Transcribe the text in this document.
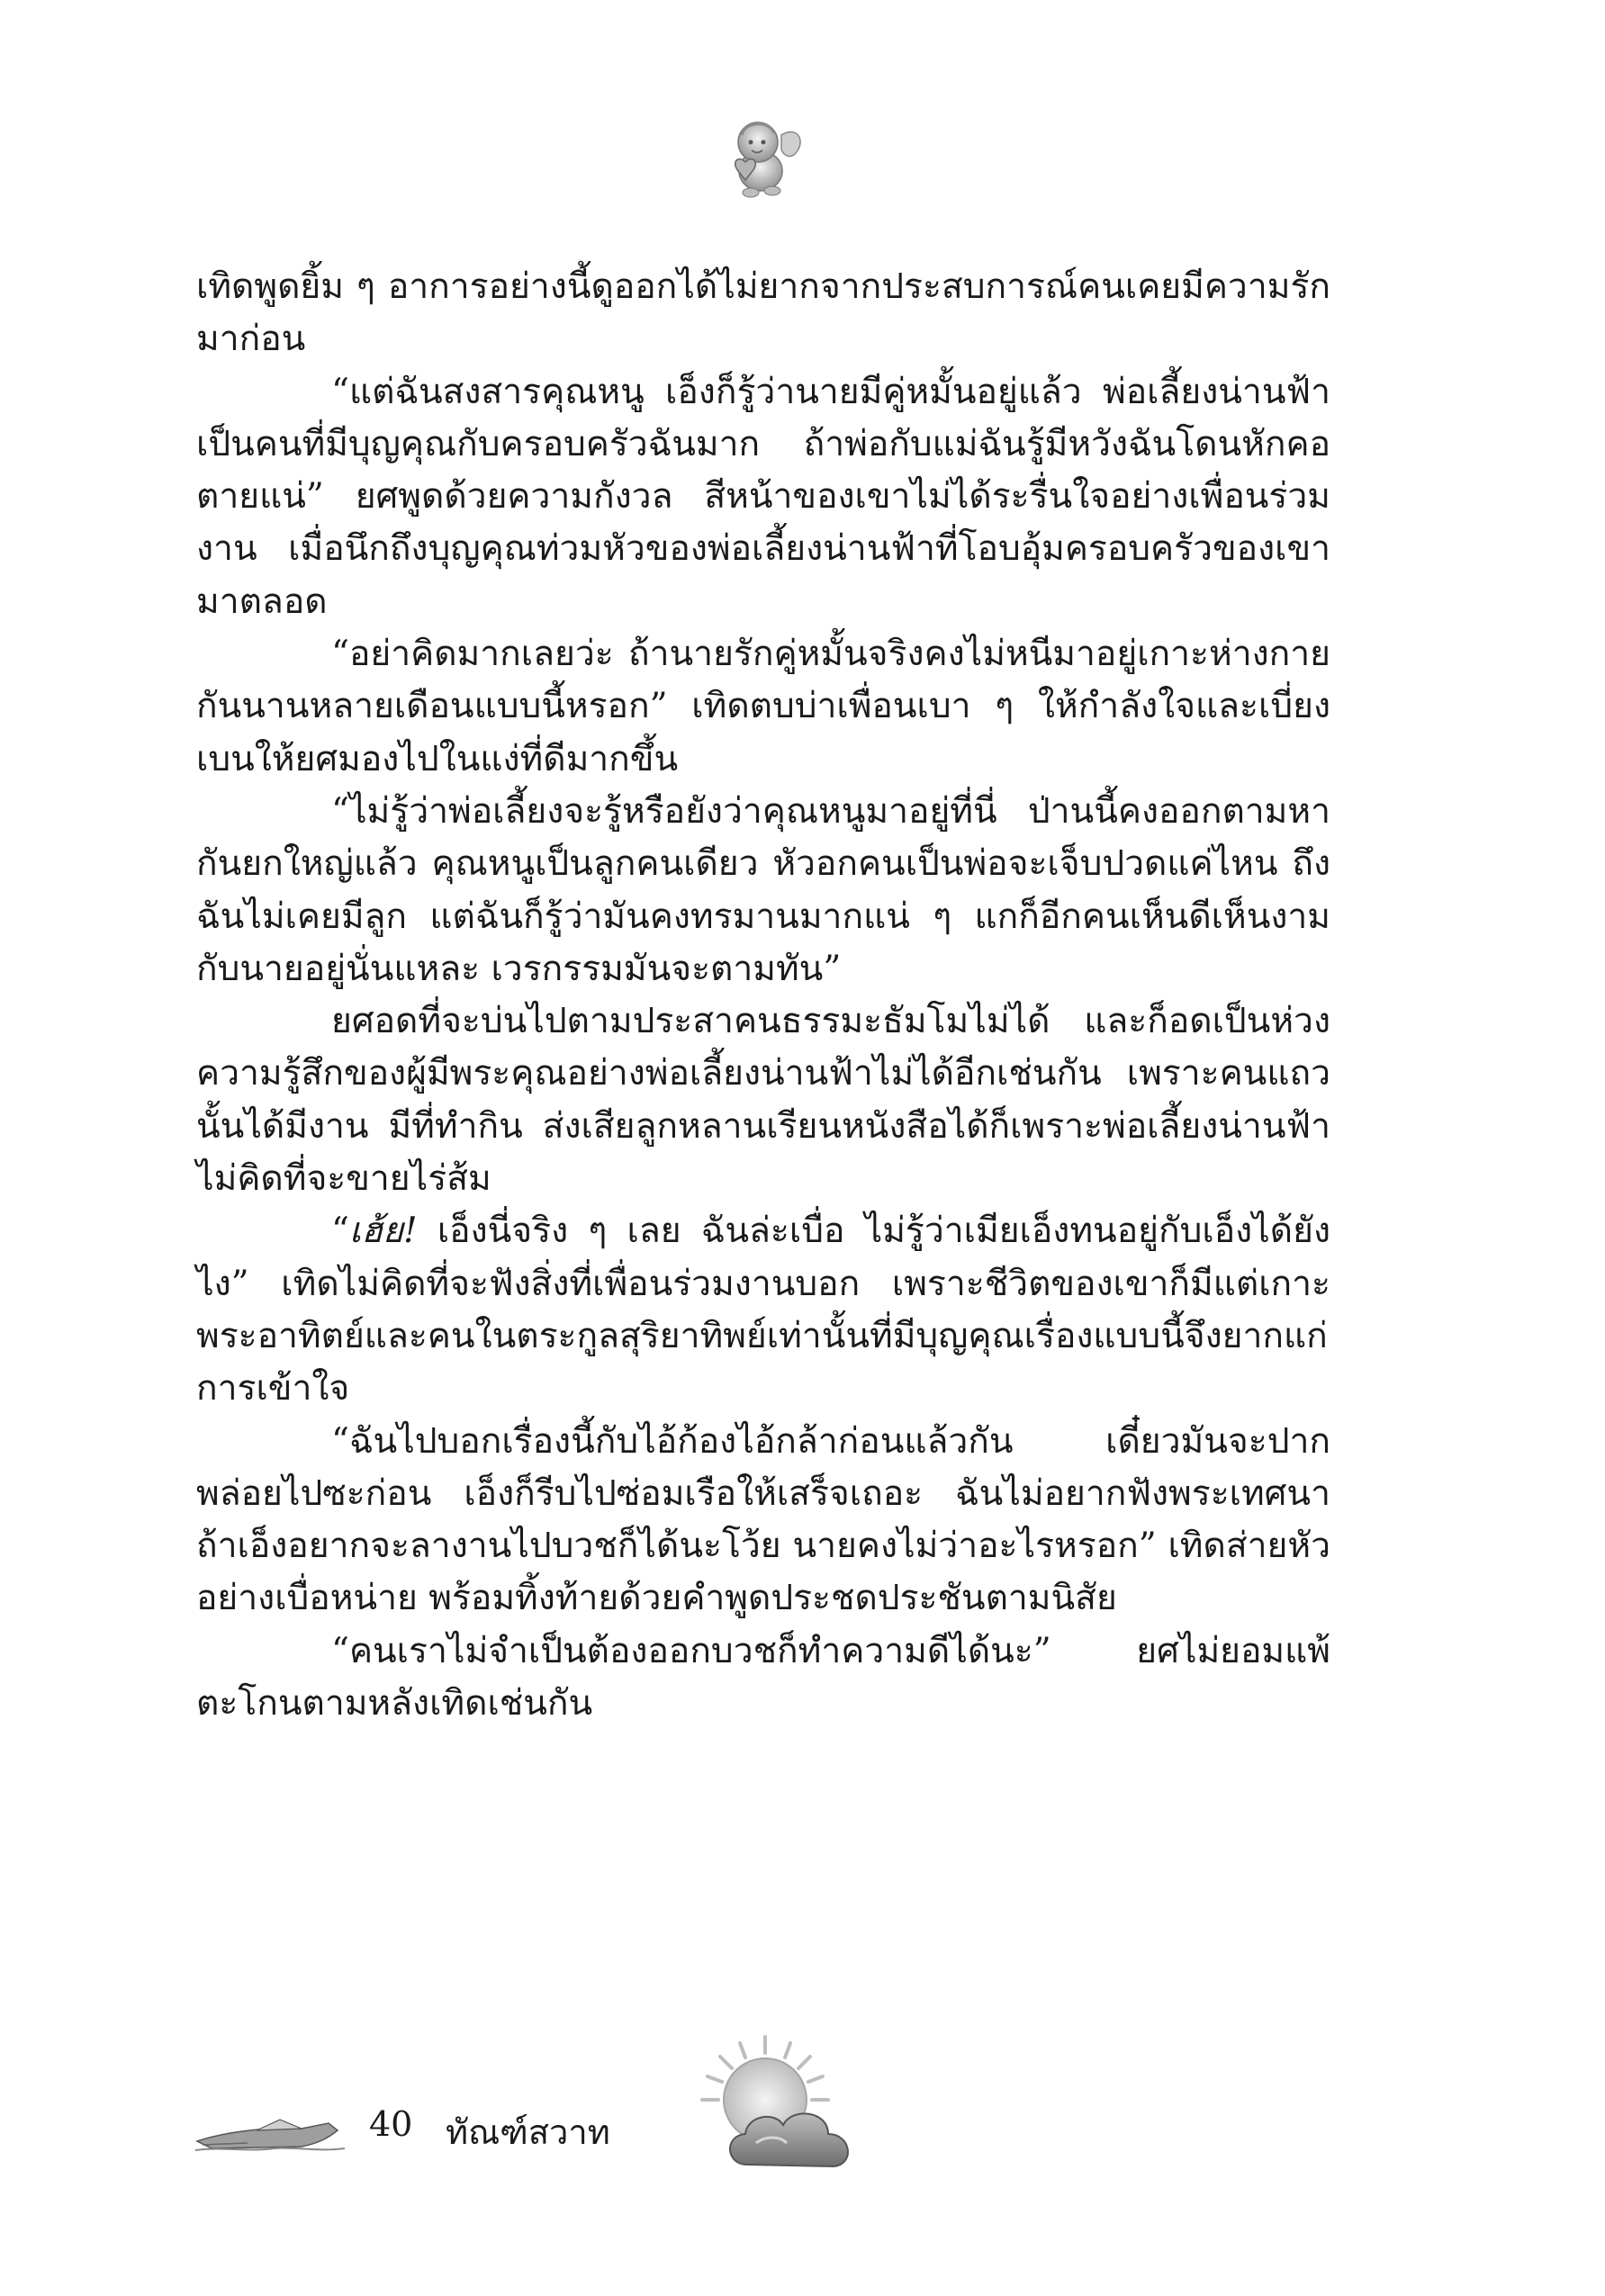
เทิดพูดยิ้ม ๆ อาการอย่างนี้ดูออกได้ไม่ยากจากประสบการณ์คนเคยมีความรักมาก่อน

“แต่ฉันสงสารคุณหนู เอ็งก็รู้ว่านายมีคู่หมั้นอยู่แล้ว พ่อเลี้ยงน่านฟ้าเป็นคนที่มีบุญคุณกับครอบครัวฉันมาก ถ้าพ่อกับแม่ฉันรู้มีหวังฉันโดนหักคอตายแน่” ยศพูดด้วยความกังวล สีหน้าของเขาไม่ได้ระรื่นใจอย่างเพื่อนร่วมงาน เมื่อนึกถึงบุญคุณท่วมหัวของพ่อเลี้ยงน่านฟ้าที่โอบอุ้มครอบครัวของเขามาตลอด

“อย่าคิดมากเลยว่ะ ถ้านายรักคู่หมั้นจริงคงไม่หนีมาอยู่เกาะห่างกายกันนานหลายเดือนแบบนี้หรอก” เทิดตบบ่าเพื่อนเบา ๆ ให้กำลังใจและเบี่ยงเบนให้ยศมองไปในแง่ที่ดีมากขึ้น

“ไม่รู้ว่าพ่อเลี้ยงจะรู้หรือยังว่าคุณหนูมาอยู่ที่นี่ ป่านนี้คงออกตามหากันยกใหญ่แล้ว คุณหนูเป็นลูกคนเดียว หัวอกคนเป็นพ่อจะเจ็บปวดแค่ไหน ถึงฉันไม่เคยมีลูก แต่ฉันก็รู้ว่ามันคงทรมานมากแน่ ๆ แกก็อีกคนเห็นดีเห็นงามกับนายอยู่นั่นแหละ เวรกรรมมันจะตามทัน”

ยศอดที่จะบ่นไปตามประสาคนธรรมะธัมโมไม่ได้ และก็อดเป็นห่วงความรู้สึกของผู้มีพระคุณอย่างพ่อเลี้ยงน่านฟ้าไม่ได้อีกเช่นกัน เพราะคนแถวนั้นได้มีงาน มีที่ทำกิน ส่งเสียลูกหลานเรียนหนังสือได้ก็เพราะพ่อเลี้ยงน่านฟ้าไม่คิดที่จะขายไร่ส้ม

“เฮ้ย! เอ็งนี่จริง ๆ เลย ฉันล่ะเบื่อ ไม่รู้ว่าเมียเอ็งทนอยู่กับเอ็งได้ยังไง” เทิดไม่คิดที่จะฟังสิ่งที่เพื่อนร่วมงานบอก เพราะชีวิตของเขาก็มีแต่เกาะพระอาทิตย์และคนในตระกูลสุริยาทิพย์เท่านั้นที่มีบุญคุณเรื่องแบบนี้จึงยากแก่การเข้าใจ

“ฉันไปบอกเรื่องนี้กับไอ้ก้องไอ้กล้าก่อนแล้วกัน เดี๋ยวมันจะปากพล่อยไปซะก่อน เอ็งก็รีบไปซ่อมเรือให้เสร็จเถอะ ฉันไม่อยากฟังพระเทศนา ถ้าเอ็งอยากจะลางานไปบวชก็ได้นะโว้ย นายคงไม่ว่าอะไรหรอก” เทิดส่ายหัวอย่างเบื่อหน่าย พร้อมทิ้งท้ายด้วยคำพูดประชดประชันตามนิสัย

“คนเราไม่จำเป็นต้องออกบวชก็ทำความดีได้นะ” ยศไม่ยอมแพ้ตะโกนตามหลังเทิดเช่นกัน

40 ทัณฑ์สวาท
